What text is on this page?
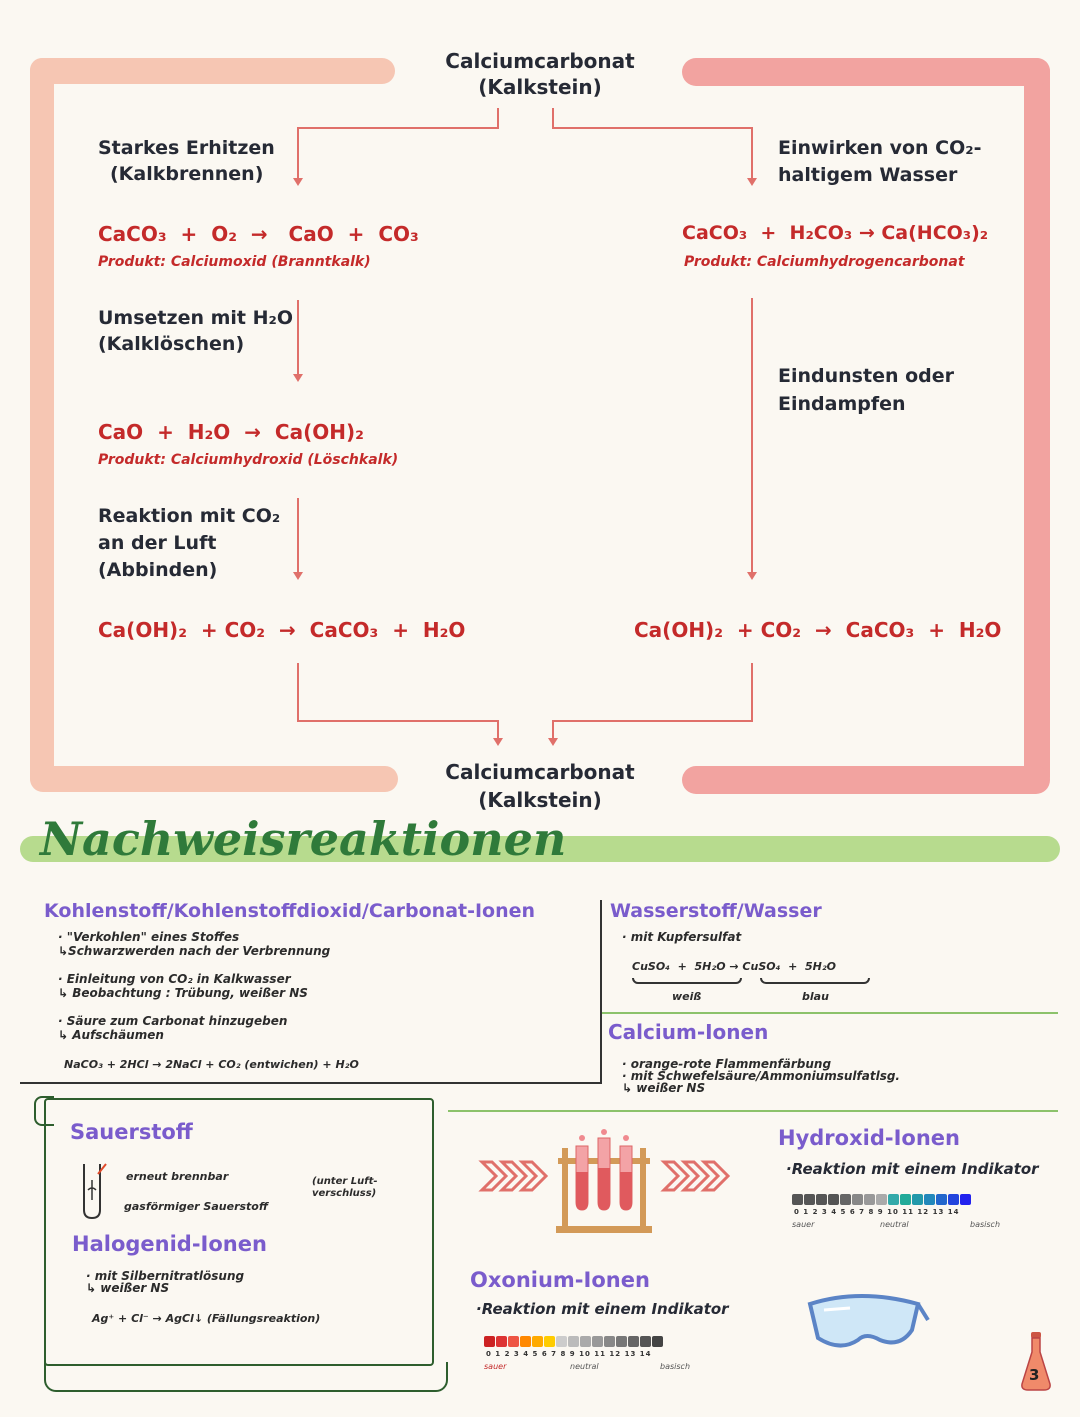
Calciumcarbonat
(Kalkstein)
Starkes Erhitzen
(Kalkbrennen)
CaCO₃  +  O₂  →   CaO  +  CO₃
Produkt: Calciumoxid (Branntkalk)
Umsetzen mit H₂O
(Kalklöschen)
CaO  +  H₂O  →  Ca(OH)₂
Produkt: Calciumhydroxid (Löschkalk)
Reaktion mit CO₂
an der Luft
(Abbinden)
Ca(OH)₂  + CO₂  →  CaCO₃  +  H₂O
Einwirken von CO₂-
haltigem Wasser
CaCO₃  +  H₂CO₃ → Ca(HCO₃)₂
Produkt: Calciumhydrogencarbonat
Eindunsten oder
Eindampfen
Ca(OH)₂  + CO₂  →  CaCO₃  +  H₂O
Calciumcarbonat
(Kalkstein)
Nachweisreaktionen
Kohlenstoff/Kohlenstoffdioxid/Carbonat-Ionen
· "Verkohlen" eines Stoffes
↳Schwarzwerden nach der Verbrennung
· Einleitung von CO₂ in Kalkwasser
↳ Beobachtung : Trübung, weißer NS
· Säure zum Carbonat hinzugeben
↳ Aufschäumen
NaCO₃ + 2HCl → 2NaCl + CO₂ (entwichen) + H₂O
Wasserstoff/Wasser
· mit Kupfersulfat
CuSO₄  +  5H₂O → CuSO₄  +  5H₂O
weiß	blau
Calcium-Ionen
· orange-rote Flammenfärbung
· mit Schwefelsäure/Ammoniumsulfatlsg.
↳ weißer NS
Sauerstoff
erneut brennbar
gasförmiger Sauerstoff
(unter Luft-
verschluss)
Halogenid-Ionen
· mit Silbernitratlösung
↳ weißer NS
Ag⁺ + Cl⁻ → AgCl↓ (Fällungsreaktion)
Hydroxid-Ionen
·Reaktion mit einem Indikator
0 1 2 3 4 5 6 7 8 9 10 11 12 13 14
sauer	neutral	basisch
Oxonium-Ionen
·Reaktion mit einem Indikator
0 1 2 3 4 5 6 7 8 9 10 11 12 13 14
sauer	neutral	basisch	3
